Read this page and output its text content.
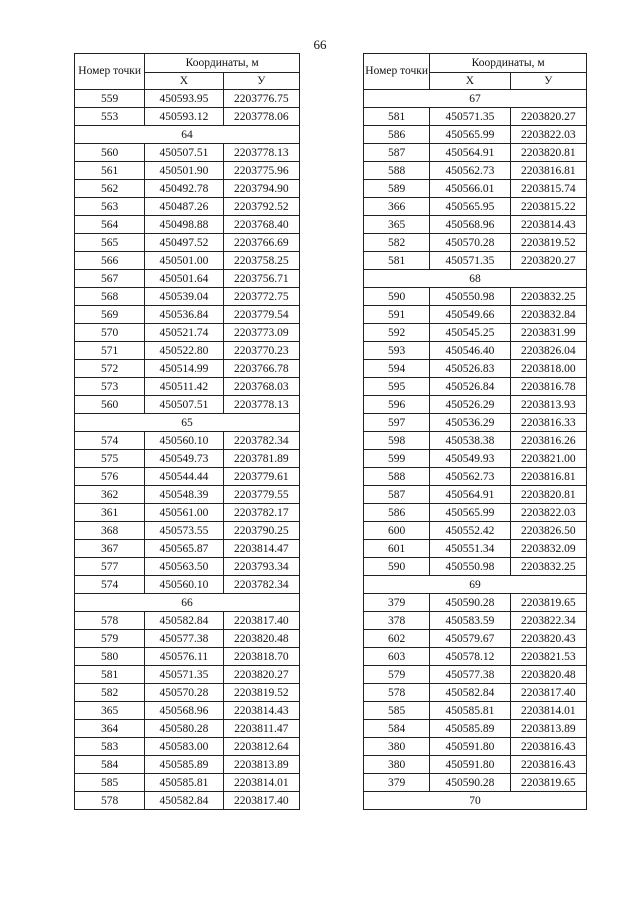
66
Номер точки	Координаты, м	
	Х	У
559	450593.95	2203776.75
553	450593.12	2203778.06
64		
560	450507.51	2203778.13
561	450501.90	2203775.96
562	450492.78	2203794.90
563	450487.26	2203792.52
564	450498.88	2203768.40
565	450497.52	2203766.69
566	450501.00	2203758.25
567	450501.64	2203756.71
568	450539.04	2203772.75
569	450536.84	2203779.54
570	450521.74	2203773.09
571	450522.80	2203770.23
572	450514.99	2203766.78
573	450511.42	2203768.03
560	450507.51	2203778.13
65		
574	450560.10	2203782.34
575	450549.73	2203781.89
576	450544.44	2203779.61
362	450548.39	2203779.55
361	450561.00	2203782.17
368	450573.55	2203790.25
367	450565.87	2203814.47
577	450563.50	2203793.34
574	450560.10	2203782.34
66		
578	450582.84	2203817.40
579	450577.38	2203820.48
580	450576.11	2203818.70
581	450571.35	2203820.27
582	450570.28	2203819.52
365	450568.96	2203814.43
364	450580.28	2203811.47
583	450583.00	2203812.64
584	450585.89	2203813.89
585	450585.81	2203814.01
578	450582.84	2203817.40
Номер точки	Координаты, м	
	Х	У
67		
581	450571.35	2203820.27
586	450565.99	2203822.03
587	450564.91	2203820.81
588	450562.73	2203816.81
589	450566.01	2203815.74
366	450565.95	2203815.22
365	450568.96	2203814.43
582	450570.28	2203819.52
581	450571.35	2203820.27
68		
590	450550.98	2203832.25
591	450549.66	2203832.84
592	450545.25	2203831.99
593	450546.40	2203826.04
594	450526.83	2203818.00
595	450526.84	2203816.78
596	450526.29	2203813.93
597	450536.29	2203816.33
598	450538.38	2203816.26
599	450549.93	2203821.00
588	450562.73	2203816.81
587	450564.91	2203820.81
586	450565.99	2203822.03
600	450552.42	2203826.50
601	450551.34	2203832.09
590	450550.98	2203832.25
69		
379	450590.28	2203819.65
378	450583.59	2203822.34
602	450579.67	2203820.43
603	450578.12	2203821.53
579	450577.38	2203820.48
578	450582.84	2203817.40
585	450585.81	2203814.01
584	450585.89	2203813.89
380	450591.80	2203816.43
380	450591.80	2203816.43
379	450590.28	2203819.65
70		
